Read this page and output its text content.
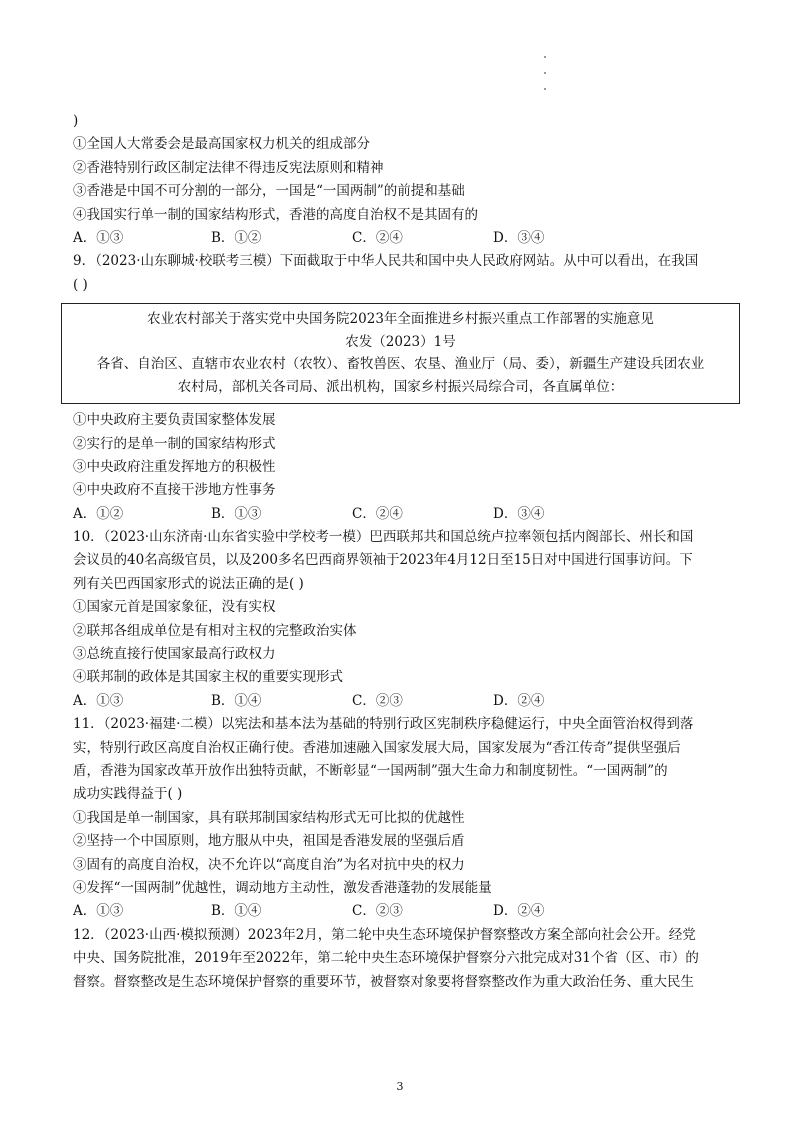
)
①全国人大常委会是最高国家权力机关的组成部分
②香港特别行政区制定法律不得违反宪法原则和精神
③香港是中国不可分割的一部分，一国是“一国两制”的前提和基础
④我国实行单一制的国家结构形式，香港的高度自治权不是其固有的
A．①③	B．①②	C．②④	D．③④
9．（2023·山东聊城·校联考三模）下面截取于中华人民共和国中央人民政府网站。从中可以看出，在我国
( )
农业农村部关于落实党中央国务院2023年全面推进乡村振兴重点工作部署的实施意见
农发（2023）1号
各省、自治区、直辖市农业农村（农牧）、畜牧兽医、农垦、渔业厅（局、委），新疆生产建设兵团农业
农村局，部机关各司局、派出机构，国家乡村振兴局综合司，各直属单位：
①中央政府主要负责国家整体发展
②实行的是单一制的国家结构形式
③中央政府注重发挥地方的积极性
④中央政府不直接干涉地方性事务
A．①②	B．①③	C．②④	D．③④
10．（2023·山东济南·山东省实验中学校考一模）巴西联邦共和国总统卢拉率领包括内阁部长、州长和国
会议员的40名高级官员，以及200多名巴西商界领袖于2023年4月12日至15日对中国进行国事访问。下
列有关巴西国家形式的说法正确的是( )
①国家元首是国家象征，没有实权
②联邦各组成单位是有相对主权的完整政治实体
③总统直接行使国家最高行政权力
④联邦制的政体是其国家主权的重要实现形式
A．①③	B．①④	C．②③	D．②④
11．（2023·福建·二模）以宪法和基本法为基础的特别行政区宪制秩序稳健运行，中央全面管治权得到落
实，特别行政区高度自治权正确行使。香港加速融入国家发展大局，国家发展为“香江传奇”提供坚强后
盾，香港为国家改革开放作出独特贡献，不断彰显“一国两制”强大生命力和制度韧性。“一国两制”的
成功实践得益于( )
①我国是单一制国家，具有联邦制国家结构形式无可比拟的优越性
②坚持一个中国原则，地方服从中央，祖国是香港发展的坚强后盾
③固有的高度自治权，决不允许以“高度自治”为名对抗中央的权力
④发挥“一国两制”优越性，调动地方主动性，激发香港蓬勃的发展能量
A．①③	B．①④	C．②③	D．②④
12．（2023·山西·模拟预测）2023年2月，第二轮中央生态环境保护督察整改方案全部向社会公开。经党
中央、国务院批准，2019年至2022年，第二轮中央生态环境保护督察分六批完成对31个省（区、市）的
督察。督察整改是生态环境保护督察的重要环节，被督察对象要将督察整改作为重大政治任务、重大民生
3
